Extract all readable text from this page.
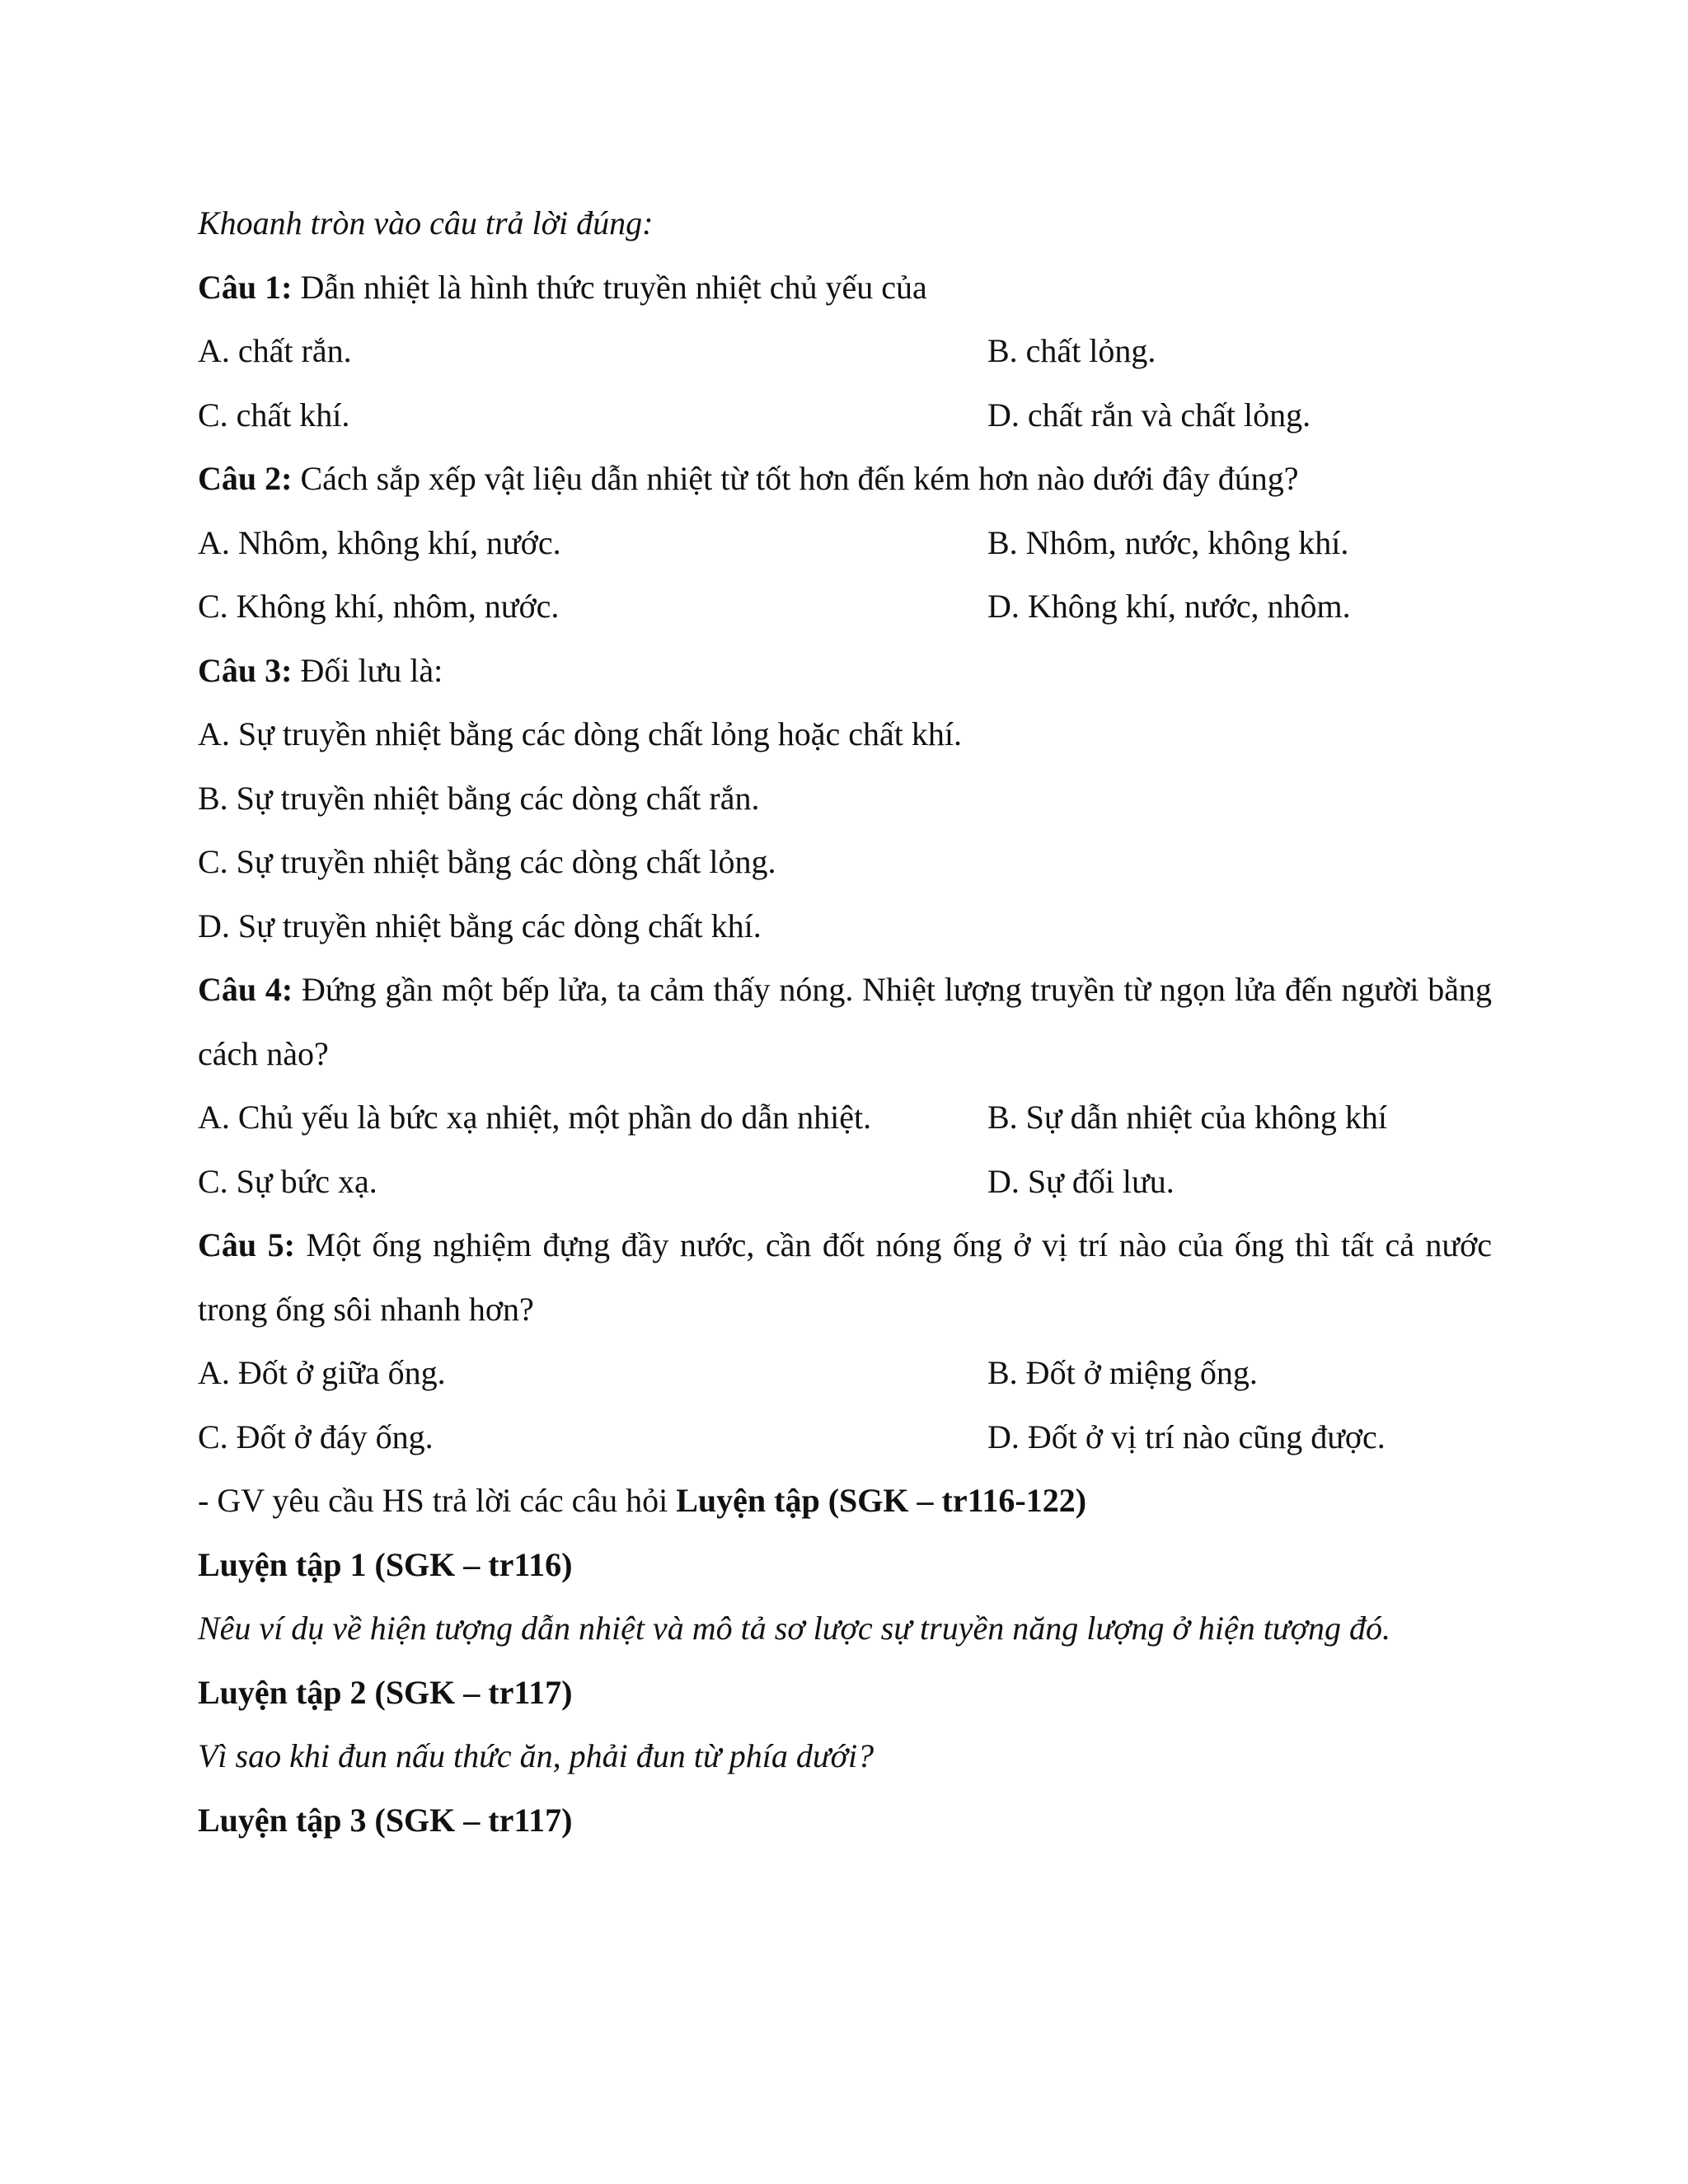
Khoanh tròn vào câu trả lời đúng:
Câu 1: Dẫn nhiệt là hình thức truyền nhiệt chủ yếu của
A. chất rắn.	B. chất lỏng.
C. chất khí.	D. chất rắn và chất lỏng.
Câu 2: Cách sắp xếp vật liệu dẫn nhiệt từ tốt hơn đến kém hơn nào dưới đây đúng?
A. Nhôm, không khí, nước.	B. Nhôm, nước, không khí.
C. Không khí, nhôm, nước.	D. Không khí, nước, nhôm.
Câu 3: Đối lưu là:
A. Sự truyền nhiệt bằng các dòng chất lỏng hoặc chất khí.
B. Sự truyền nhiệt bằng các dòng chất rắn.
C. Sự truyền nhiệt bằng các dòng chất lỏng.
D. Sự truyền nhiệt bằng các dòng chất khí.
Câu 4: Đứng gần một bếp lửa, ta cảm thấy nóng. Nhiệt lượng truyền từ ngọn lửa đến người bằng cách nào?
A. Chủ yếu là bức xạ nhiệt, một phần do dẫn nhiệt.	B. Sự dẫn nhiệt của không khí
C. Sự bức xạ.	D. Sự đối lưu.
Câu 5: Một ống nghiệm đựng đầy nước, cần đốt nóng ống ở vị trí nào của ống thì tất cả nước trong ống sôi nhanh hơn?
A. Đốt ở giữa ống.	B. Đốt ở miệng ống.
C. Đốt ở đáy ống.	D. Đốt ở vị trí nào cũng được.
- GV yêu cầu HS trả lời các câu hỏi Luyện tập (SGK – tr116-122)
Luyện tập 1 (SGK – tr116)
Nêu ví dụ về hiện tượng dẫn nhiệt và mô tả sơ lược sự truyền năng lượng ở hiện tượng đó.
Luyện tập 2 (SGK – tr117)
Vì sao khi đun nấu thức ăn, phải đun từ phía dưới?
Luyện tập 3 (SGK – tr117)
